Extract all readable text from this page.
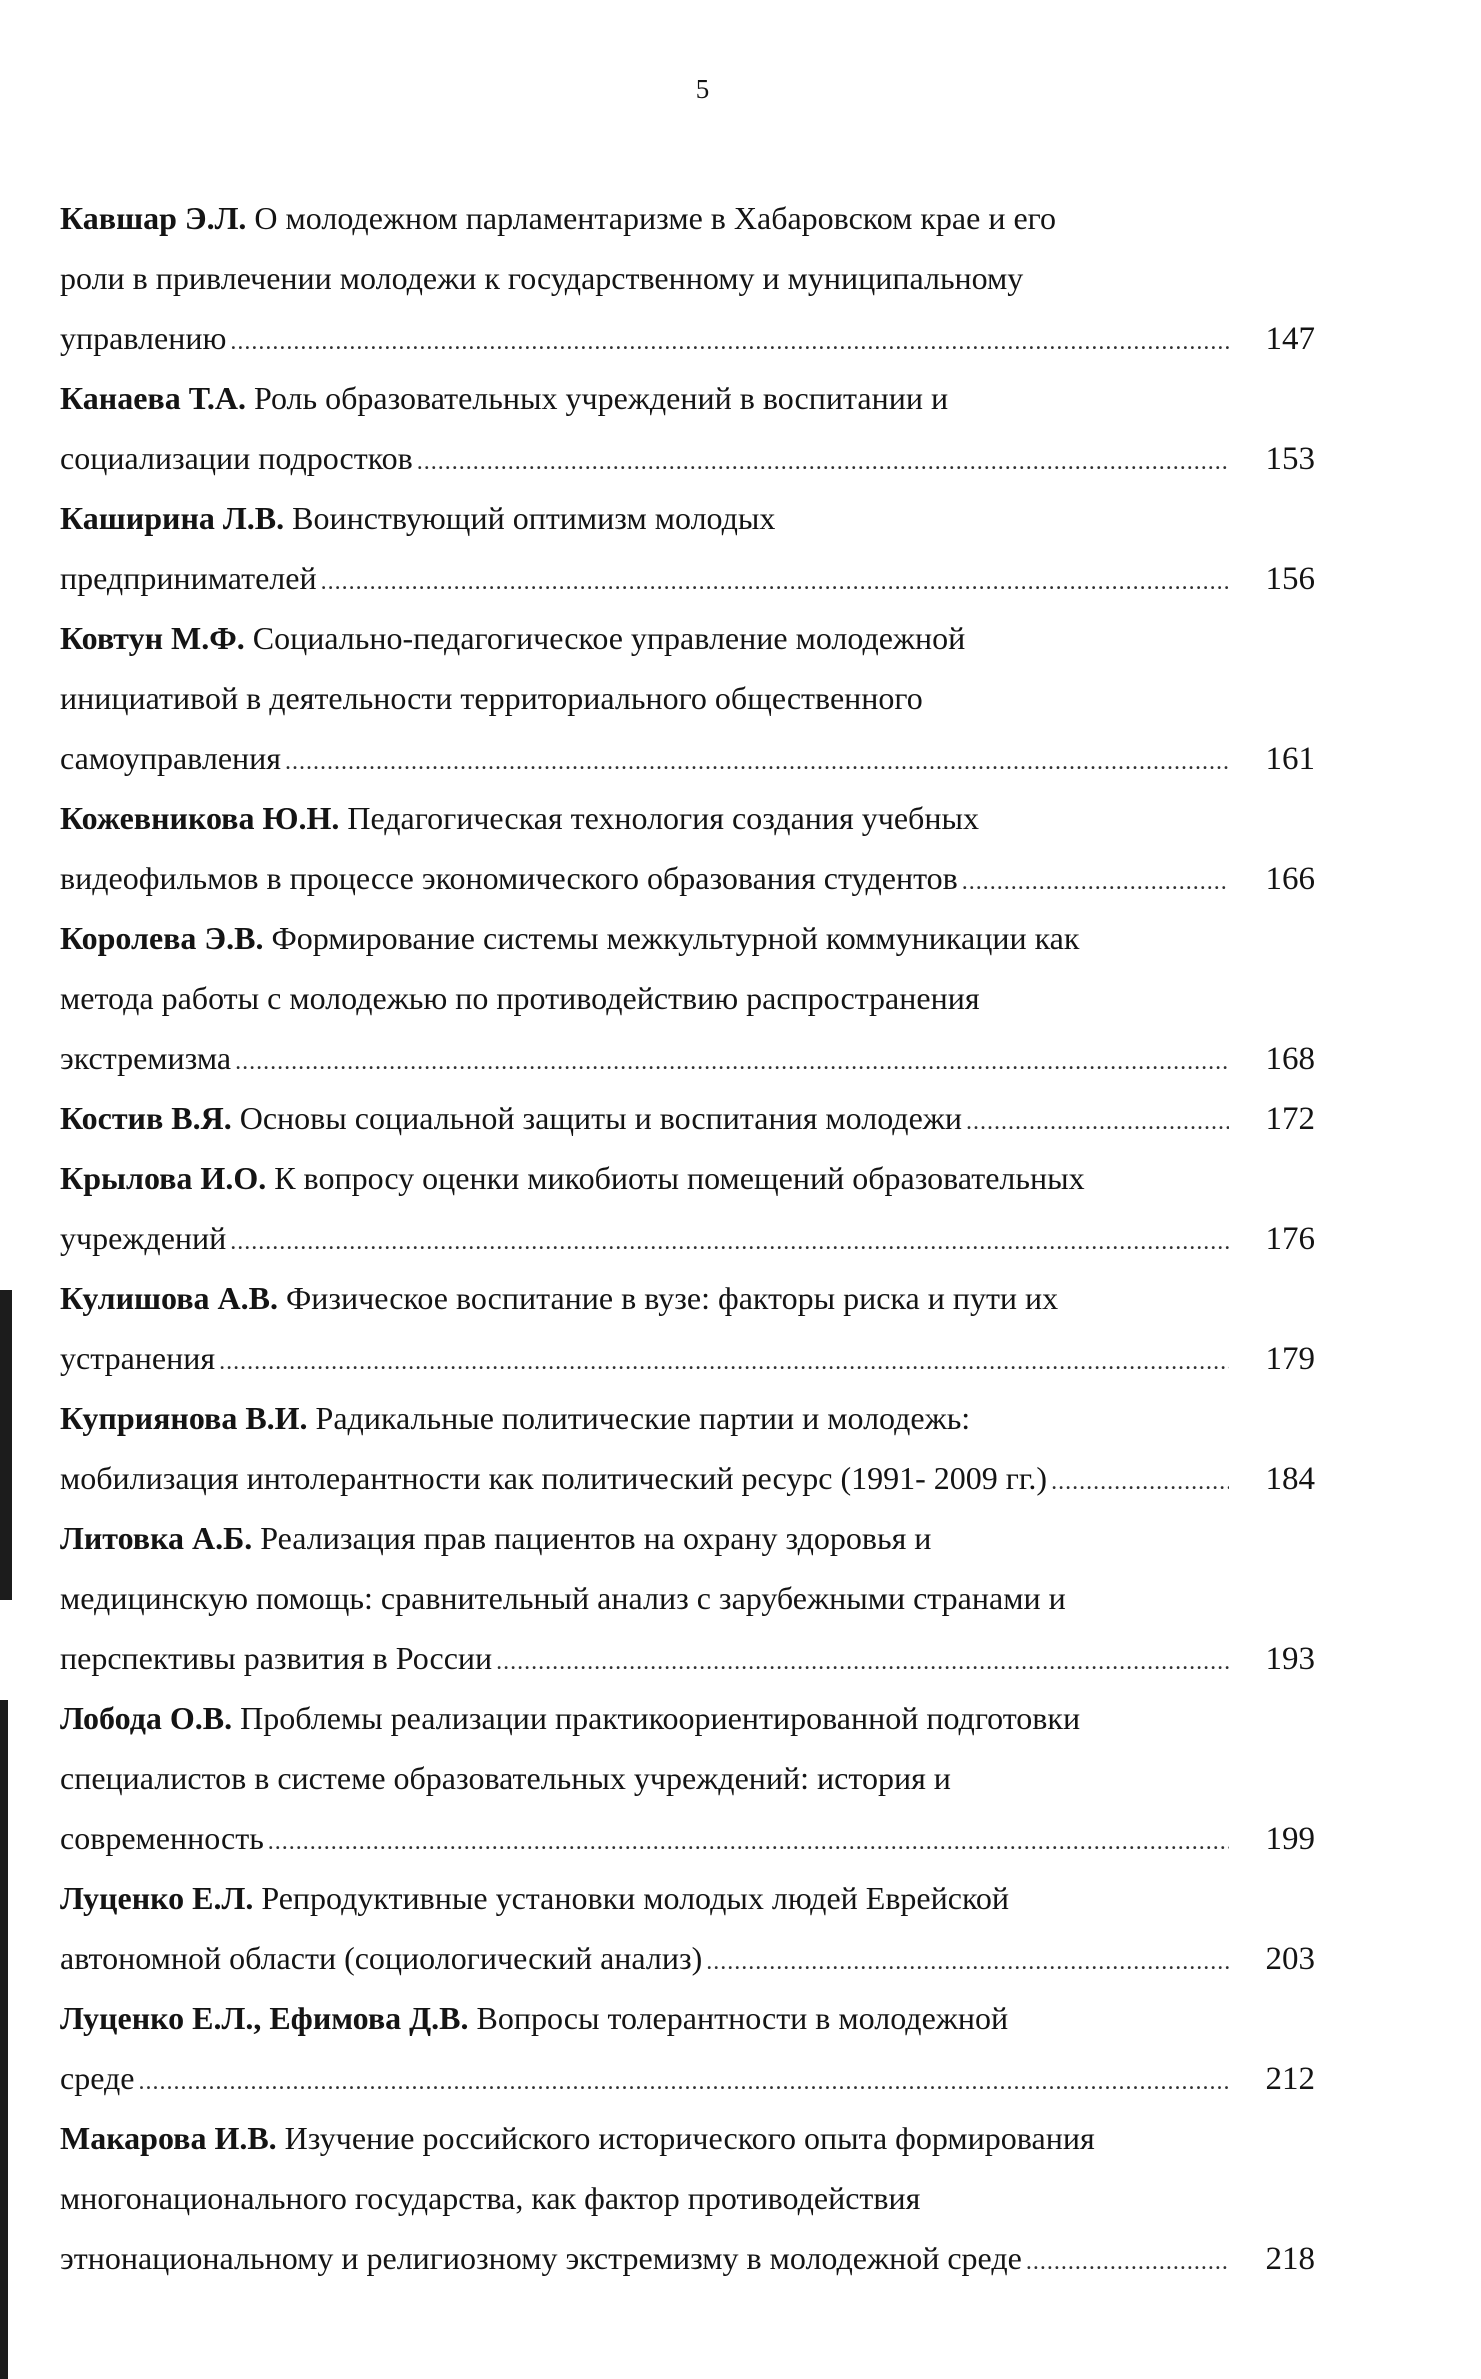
5
Кавшар Э.Л. О молодежном парламентаризме в Хабаровском крае и его
роли в привлечении молодежи к государственному и муниципальному
управлению .....	147
Канаева Т.А. Роль образовательных учреждений в воспитании и
социализации подростков .....	153
Каширина Л.В. Воинствующий оптимизм молодых
предпринимателей .....	156
Ковтун М.Ф. Социально-педагогическое управление молодежной
инициативой в деятельности территориального общественного
самоуправления .....	161
Кожевникова Ю.Н. Педагогическая технология создания учебных
видеофильмов в процессе экономического образования студентов .....	166
Королева Э.В. Формирование системы межкультурной коммуникации как
метода работы с молодежью по противодействию распространения
экстремизма .....	168
Костив В.Я. Основы социальной защиты и воспитания молодежи .....	172
Крылова И.О. К вопросу оценки микобиоты помещений образовательных
учреждений .....	176
Кулишова А.В. Физическое воспитание в вузе: факторы риска и пути их
устранения .....	179
Куприянова В.И. Радикальные политические партии и молодежь:
мобилизация интолерантности как политический ресурс (1991- 2009 гг.) .....	184
Литовка А.Б. Реализация прав пациентов на охрану здоровья и
медицинскую помощь: сравнительный анализ с зарубежными странами и
перспективы развития в России .....	193
Лобода О.В. Проблемы реализации практикоориентированной подготовки
специалистов в системе образовательных учреждений: история и
современность .....	199
Луценко Е.Л. Репродуктивные установки молодых людей Еврейской
автономной области (социологический анализ) .....	203
Луценко Е.Л., Ефимова Д.В. Вопросы толерантности в молодежной
среде .....	212
Макарова И.В. Изучение российского исторического опыта формирования
многонационального государства, как фактор противодействия
этнонациональному и религиозному экстремизму в молодежной среде .....	218
